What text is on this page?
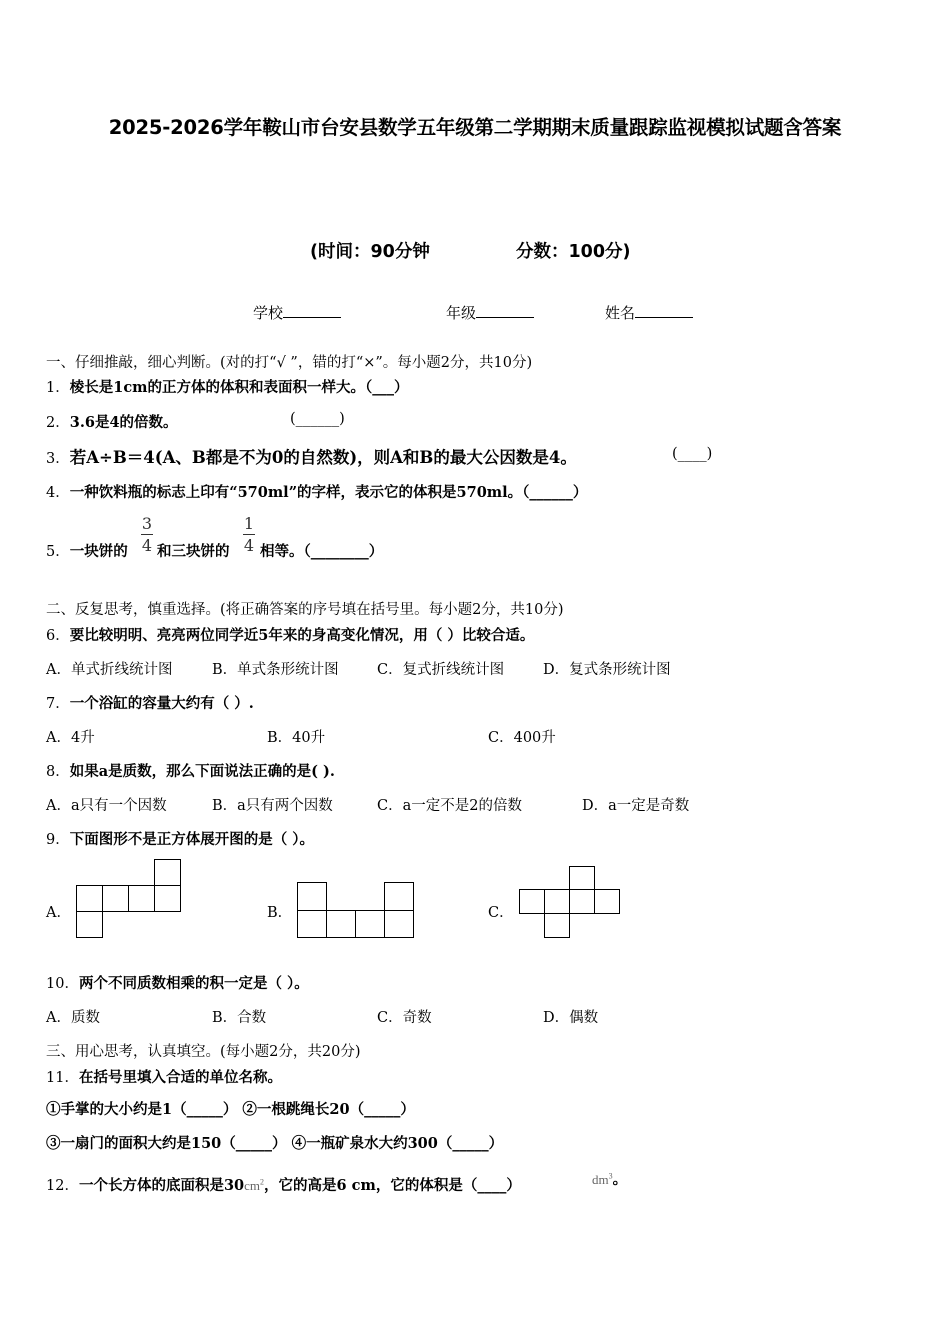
2025-2026学年鞍山市台安县数学五年级第二学期期末质量跟踪监视模拟试题含答案
(时间：90分钟	分数：100分)
学校	年级	姓名
一、仔细推敲，细心判断。(对的打“√ ”，错的打“×”。每小题2分，共10分)
1．棱长是1cm的正方体的体积和表面积一样大。（___）
2．3.6是4的倍数。	(______)
3．若A÷B＝4(A、B都是不为0的自然数)，则A和B的最大公因数是4。	(____)
4．一种饮料瓶的标志上印有“570ml”的字样，表示它的体积是570ml。（______）
5．一块饼的
3
4 和三块饼的
1
4 相等。（________）
二、反复思考，慎重选择。(将正确答案的序号填在括号里。每小题2分，共10分)
6．要比较明明、亮亮两位同学近5年来的身高变化情况，用（ ）比较合适。
A．单式折线统计图	B．单式条形统计图	C．复式折线统计图	D．复式条形统计图
7．一个浴缸的容量大约有（ ）.
A．4升	B．40升	C．400升
8．如果a是质数，那么下面说法正确的是( ).
A．a只有一个因数	B．a只有两个因数	C．a一定不是2的倍数	D．a一定是奇数
9．下面图形不是正方体展开图的是（ ）。
A．	B．	C．
10．两个不同质数相乘的积一定是（ ）。
A．质数	B．合数	C．奇数	D．偶数
三、用心思考，认真填空。(每小题2分，共20分)
11．在括号里填入合适的单位名称。
①手掌的大小约是1（_____） ②一根跳绳长20（_____）
③一扇门的面积大约是150（_____） ④一瓶矿泉水大约300（_____）
12．一个长方体的底面积是$30cm^2$，它的高是6 cm，它的体积是（____）	$dm^3$。
